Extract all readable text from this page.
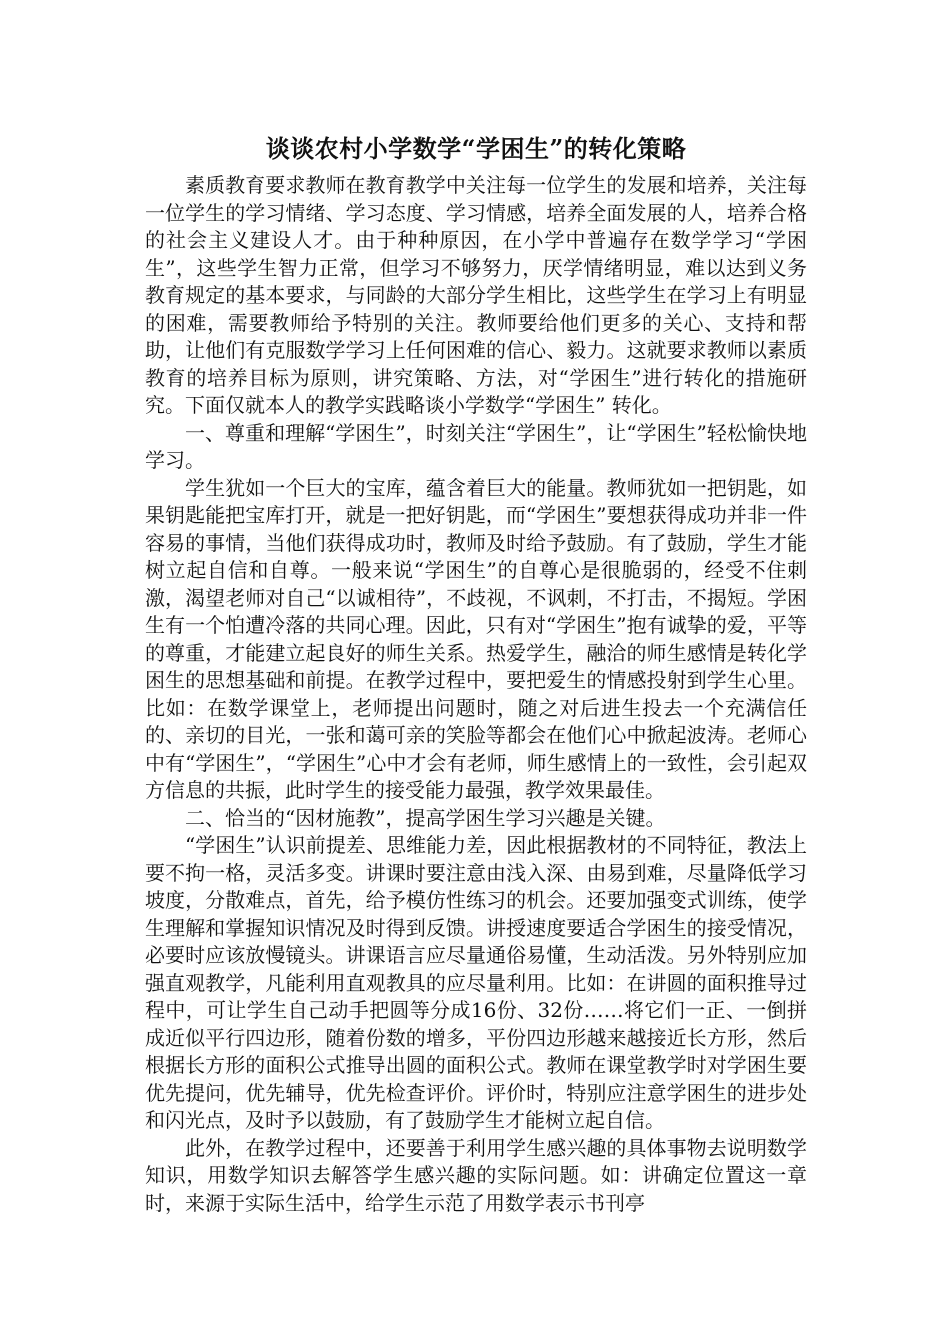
谈谈农村小学数学“学困生”的转化策略

素质教育要求教师在教育教学中关注每一位学生的发展和培养，关注每一位学生的学习情绪、学习态度、学习情感，培养全面发展的人，培养合格的社会主义建设人才。由于种种原因，在小学中普遍存在数学学习“学困生”，这些学生智力正常，但学习不够努力，厌学情绪明显，难以达到义务教育规定的基本要求，与同龄的大部分学生相比，这些学生在学习上有明显的困难，需要教师给予特别的关注。教师要给他们更多的关心、支持和帮助，让他们有克服数学学习上任何困难的信心、毅力。这就要求教师以素质教育的培养目标为原则，讲究策略、方法，对“学困生”进行转化的措施研究。下面仅就本人的教学实践略谈小学数学“学困生” 转化。

一、尊重和理解“学困生”，时刻关注“学困生”，让“学困生”轻松愉快地学习。

学生犹如一个巨大的宝库，蕴含着巨大的能量。教师犹如一把钥匙，如果钥匙能把宝库打开，就是一把好钥匙，而“学困生”要想获得成功并非一件容易的事情，当他们获得成功时，教师及时给予鼓励。有了鼓励，学生才能树立起自信和自尊。一般来说“学困生”的自尊心是很脆弱的，经受不住刺激，渴望老师对自己“以诚相待”，不歧视，不讽刺，不打击，不揭短。学困生有一个怕遭冷落的共同心理。因此，只有对“学困生”抱有诚挚的爱，平等的尊重，才能建立起良好的师生关系。热爱学生，融洽的师生感情是转化学困生的思想基础和前提。在教学过程中，要把爱生的情感投射到学生心里。比如：在数学课堂上，老师提出问题时，随之对后进生投去一个充满信任的、亲切的目光，一张和蔼可亲的笑脸等都会在他们心中掀起波涛。老师心中有“学困生”，“学困生”心中才会有老师，师生感情上的一致性，会引起双方信息的共振，此时学生的接受能力最强，教学效果最佳。

二、恰当的“因材施教”，提高学困生学习兴趣是关键。

“学困生”认识前提差、思维能力差，因此根据教材的不同特征，教法上要不拘一格，灵活多变。讲课时要注意由浅入深、由易到难，尽量降低学习坡度，分散难点，首先，给予模仿性练习的机会。还要加强变式训练，使学生理解和掌握知识情况及时得到反馈。讲授速度要适合学困生的接受情况，必要时应该放慢镜头。讲课语言应尽量通俗易懂，生动活泼。另外特别应加强直观教学，凡能利用直观教具的应尽量利用。比如：在讲圆的面积推导过程中，可让学生自己动手把圆等分成16份、32份……将它们一正、一倒拼成近似平行四边形，随着份数的增多，平份四边形越来越接近长方形，然后根据长方形的面积公式推导出圆的面积公式。教师在课堂教学时对学困生要优先提问，优先辅导，优先检查评价。评价时，特别应注意学困生的进步处和闪光点，及时予以鼓励，有了鼓励学生才能树立起自信。

此外，在教学过程中，还要善于利用学生感兴趣的具体事物去说明数学知识，用数学知识去解答学生感兴趣的实际问题。如：讲确定位置这一章时，来源于实际生活中，给学生示范了用数学表示书刊亭
